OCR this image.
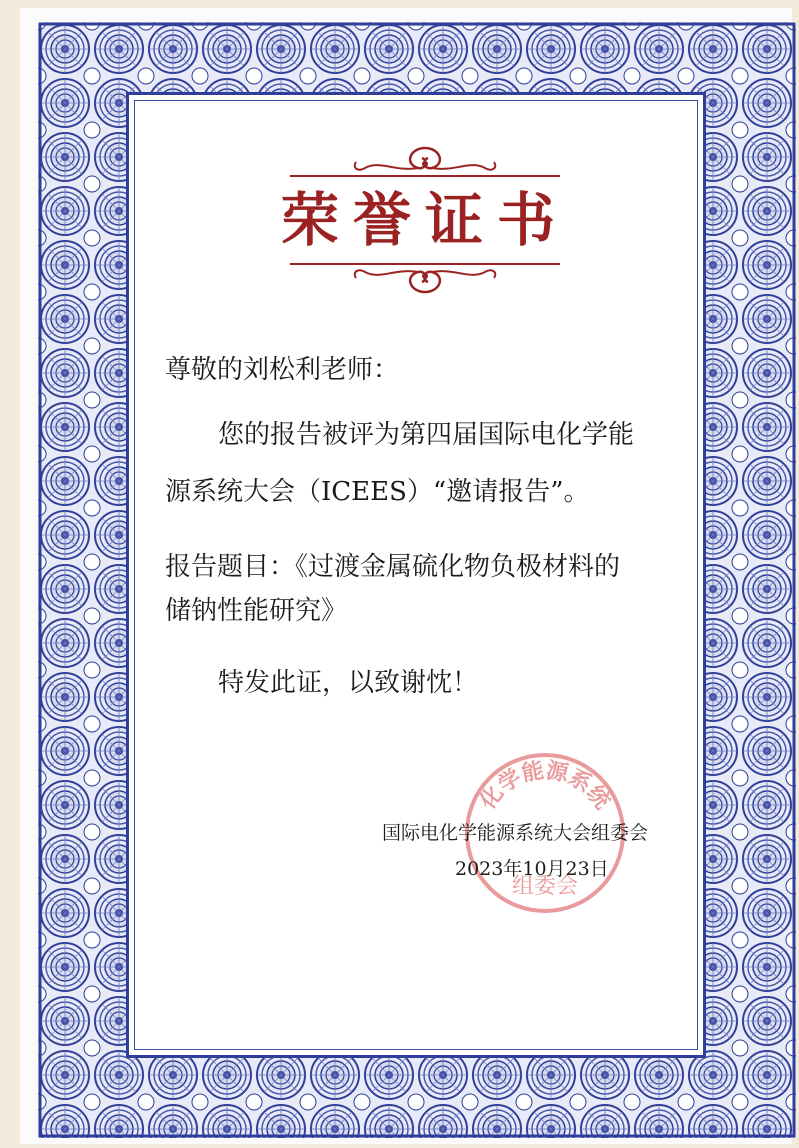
荣誉证书
尊敬的刘松利老师：
您的报告被评为第四届国际电化学能
源系统大会（ICEES）“邀请报告”。
报告题目：《过渡金属硫化物负极材料的
储钠性能研究》
特发此证，以致谢忱！
化学能源系统
组委会
国际电化学能源系统大会组委会
2023年10月23日
